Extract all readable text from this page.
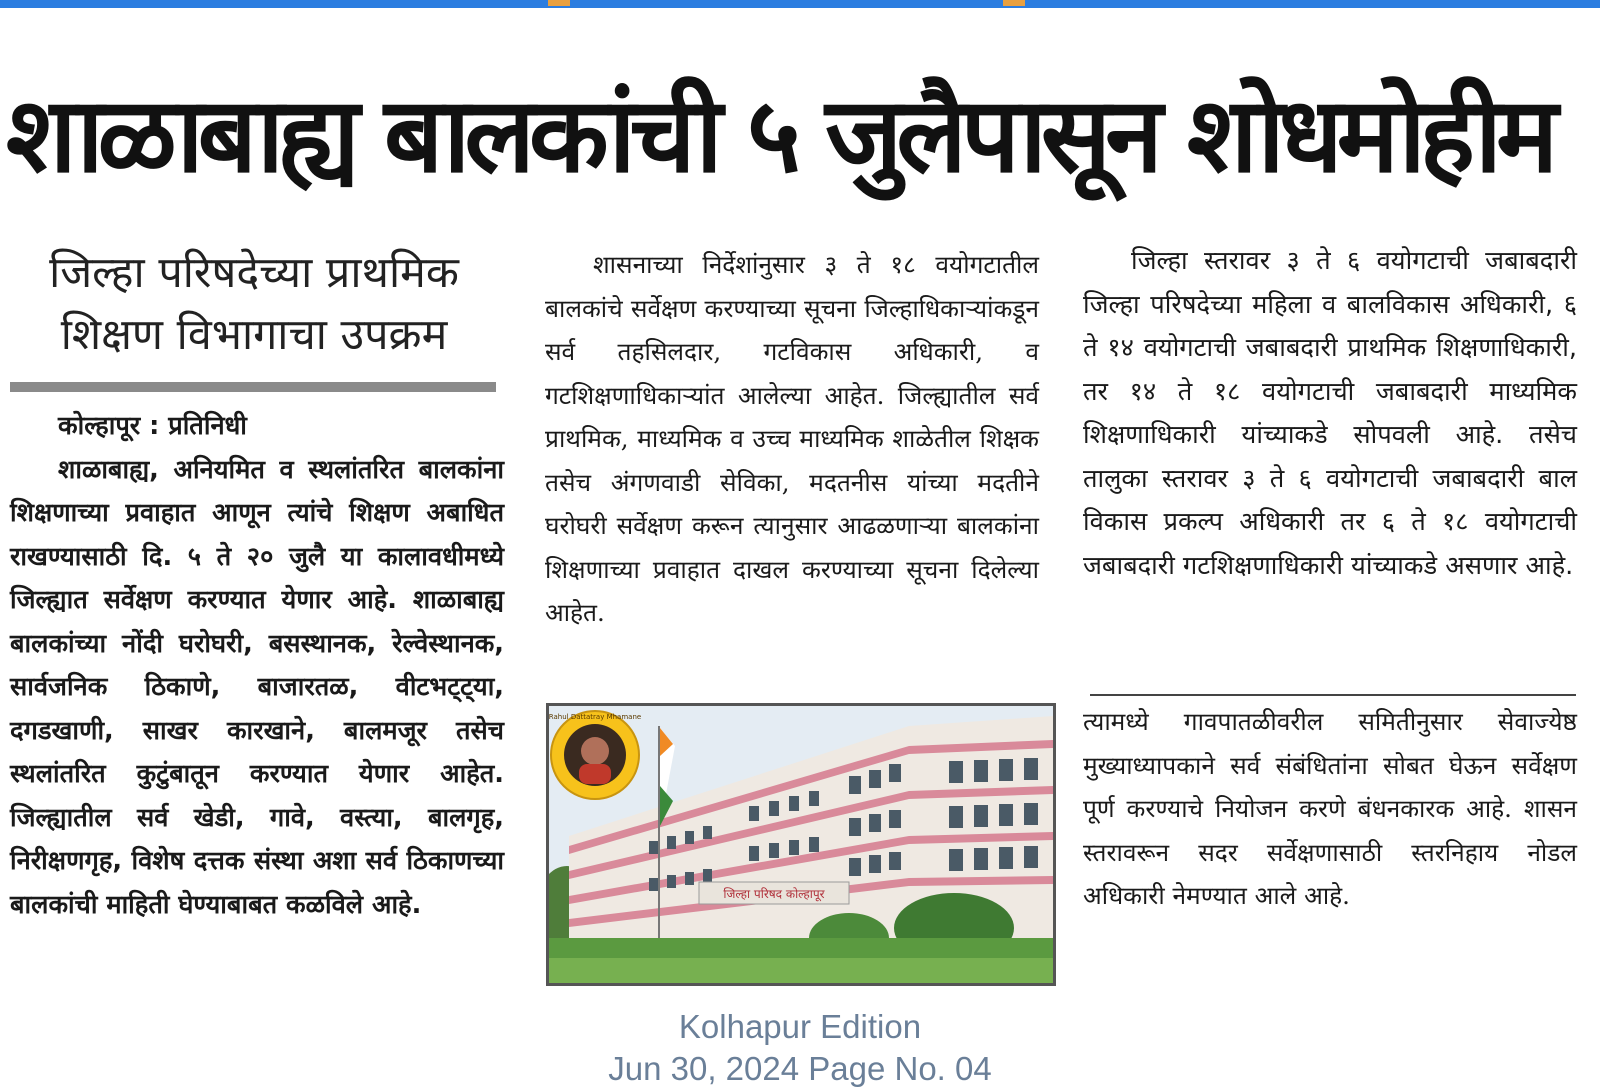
शाळाबाह्य बालकांची ५ जुलैपासून शोधमोहीम
जिल्हा परिषदेच्या प्राथमिक शिक्षण विभागाचा उपक्रम

कोल्हापूर : प्रतिनिधी

शाळाबाह्य, अनियमित व स्थलांतरित बालकांना शिक्षणाच्या प्रवाहात आणून त्यांचे शिक्षण अबाधित राखण्यासाठी दि. ५ ते २० जुलै या कालावधीमध्ये जिल्ह्यात सर्वेक्षण करण्यात येणार आहे. शाळाबाह्य बालकांच्या नोंदी घरोघरी, बसस्थानक, रेल्वेस्थानक, सार्वजनिक ठिकाणे, बाजारतळ, वीटभट्ट्या, दगडखाणी, साखर कारखाने, बालमजूर तसेच स्थलांतरित कुटुंबातून करण्यात येणार आहेत. जिल्ह्यातील सर्व खेडी, गावे, वस्त्या, बालगृह, निरीक्षणगृह, विशेष दत्तक संस्था अशा सर्व ठिकाणच्या बालकांची माहिती घेण्याबाबत कळविले आहे.

शासनाच्या निर्देशांनुसार ३ ते १८ वयोगटातील बालकांचे सर्वेक्षण करण्याच्या सूचना जिल्हाधिकाऱ्यांकडून सर्व तहसिलदार, गटविकास अधिकारी, व गटशिक्षणाधिकाऱ्यांत आलेल्या आहेत. जिल्ह्यातील सर्व प्राथमिक, माध्यमिक व उच्च माध्यमिक शाळेतील शिक्षक तसेच अंगणवाडी सेविका, मदतनीस यांच्या मदतीने घरोघरी सर्वेक्षण करून त्यानुसार आढळणाऱ्या बालकांना शिक्षणाच्या प्रवाहात दाखल करण्याच्या सूचना दिलेल्या आहेत.

जिल्हा स्तरावर ३ ते ६ वयोगटाची जबाबदारी जिल्हा परिषदेच्या महिला व बालविकास अधिकारी, ६ ते १४ वयोगटाची जबाबदारी प्राथमिक शिक्षणाधिकारी, तर १४ ते १८ वयोगटाची जबाबदारी माध्यमिक शिक्षणाधिकारी यांच्याकडे सोपवली आहे. तसेच तालुका स्तरावर ३ ते ६ वयोगटाची जबाबदारी बाल विकास प्रकल्प अधिकारी तर ६ ते १८ वयोगटाची जबाबदारी गटशिक्षणाधिकारी यांच्याकडे असणार आहे.

त्यामध्ये गावपातळीवरील समितीनुसार सेवाज्येष्ठ मुख्याध्यापकाने सर्व संबंधितांना सोबत घेऊन सर्वेक्षण पूर्ण करण्याचे नियोजन करणे बंधनकारक आहे. शासन स्तरावरून सदर सर्वेक्षणासाठी स्तरनिहाय नोडल अधिकारी नेमण्यात आले आहे.

जिल्हा परिषद कोल्हापूर
Rahul Dattatray Mhamane
Kolhapur Edition
Jun 30, 2024 Page No. 04
